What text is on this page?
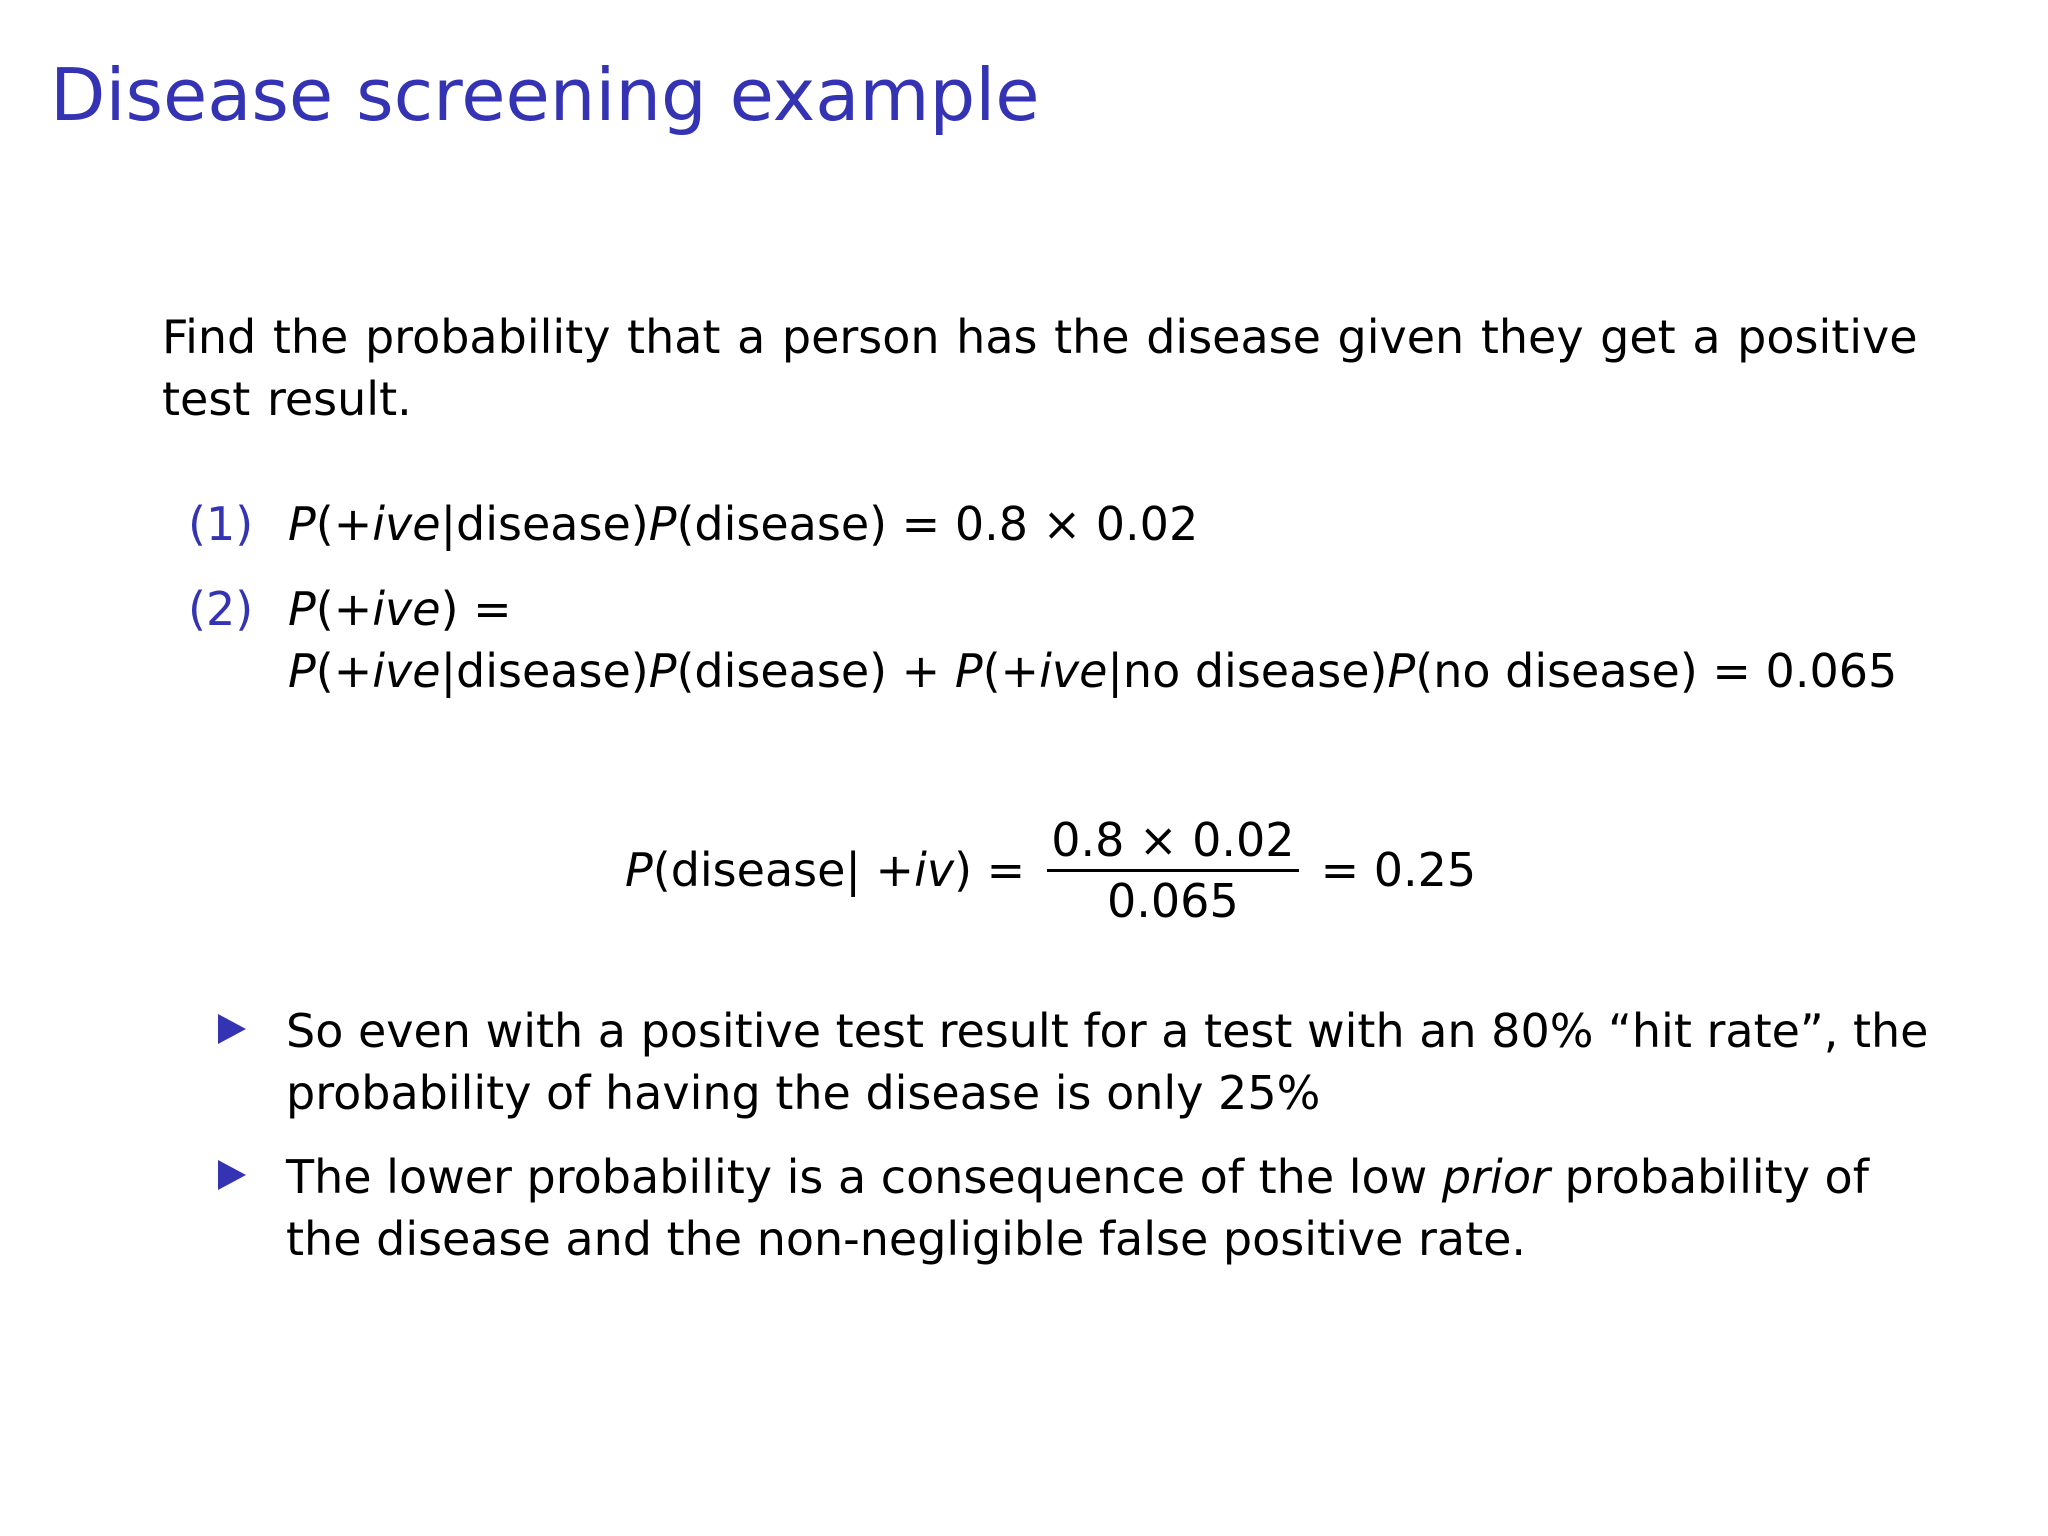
Disease screening example
Find the probability that a person has the disease given they get a positive test result.
(1) P(+ive|disease)P(disease) = 0.8 × 0.02
(2) P(+ive) =
P(+ive|disease)P(disease) + P(+ive|no disease)P(no disease) = 0.065
P (disease| + iv ) = $\frac{0.8 \times 0.02}{0.065} = 0.25$
So even with a positive test result for a test with an 80% “hit rate”, the probability of having the disease is only 25%
The lower probability is a consequence of the low prior probability of the disease and the non-negligible false positive rate.
